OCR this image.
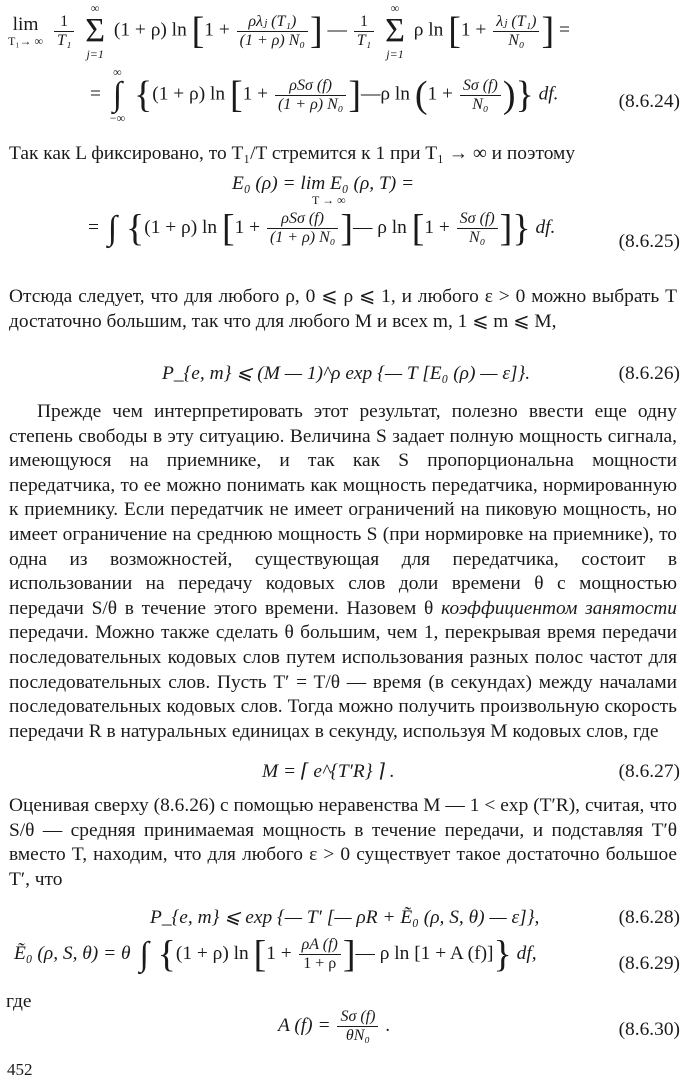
lim
T₁→ ∞
$\frac{1}{\text{T₁}}$

∞
Σ
j=1
(1 + ρ) $\ln [1 + \frac{\text{ρλⱼ (T₁)}}{\text{(1 + ρ) N₀}}$ ] — $\frac{1}{\text{T₁}}$

∞
Σ
j=1
ρ $\ln [1 + \frac{\text{λⱼ (T₁)}}{\text{N₀}}$ ] =
=
∞
∫
−∞
{(1 + ρ) $\ln [1 + \frac{\text{ρSσ (f)}}{\text{(1 + ρ) N₀}}$ ]—ρ $\ln (1 + \frac{S\sigma (f)}{\text{N₀}}$ )} df.	(8.6.24)
Так как L фиксировано, то T₁/T стремится к 1 при T₁ → ∞ и поэтому
E₀ (ρ) = lim E₀ (ρ, T) =
T → ∞
= ∫ {(1 + ρ) $\ln [1 + \frac{\text{ρSσ (f)}}{\text{(1 + ρ) N₀}}$ ]— ρ $\ln [1 + \frac{S\sigma (f)}{\text{N₀}}$ ]} df.
(8.6.25)
Отсюда следует, что для любого ρ, 0 ⩽ ρ ⩽ 1, и любого ε > 0 можно выбрать T достаточно большим, так что для любого M и всех m, 1 ⩽ m ⩽ M,
P_{e, m} ⩽ (M — 1)^ρ exp {— T [E₀ (ρ) — ε]}.	(8.6.26)
Прежде чем интерпретировать этот результат, полезно ввести еще одну степень свободы в эту ситуацию. Величина S задает полную мощность сигнала, имеющуюся на приемнике, и так как S пропорциональна мощности передатчика, то ее можно понимать как мощность передатчика, нормированную к приемнику. Если передатчик не имеет ограничений на пиковую мощность, но имеет ограничение на среднюю мощность S (при нормировке на приемнике), то одна из возможностей, существующая для передатчика, состоит в использовании на передачу кодовых слов доли времени θ с мощностью передачи S/θ в течение этого времени. Назовем θ коэффициентом занятости передачи. Можно также сделать θ большим, чем 1, перекрывая время передачи последовательных кодовых слов путем использования разных полос частот для последовательных слов. Пусть T′ = T/θ — время (в секундах) между началами последовательных кодовых слов. Тогда можно получить произвольную скорость передачи R в натуральных единицах в секунду, используя M кодовых слов, где
M = ⌈ e^{T′R} ⌉ .	(8.6.27)
Оценивая сверху (8.6.26) с помощью неравенства M — 1 < exp (T′R), считая, что S/θ — средняя принимаемая мощность в течение передачи, и подставляя T′θ вместо T, находим, что для любого ε > 0 существует такое достаточно большое T′, что
P_{e, m} ⩽ exp {— T′ [— ρR + Ẽ₀ (ρ, S, θ) — ε]},	(8.6.28)
Ẽ₀ (ρ, S, θ) = θ ∫ {(1 + ρ) $\ln [1 + \frac{\rho A (f)}{1 + \rho}$ ]— ρ ln [1 + A (f)]} df,	(8.6.29)
где
A $(f) = \frac{S\sigma (f)}{\text{θN₀}}$ .	(8.6.30)
452
